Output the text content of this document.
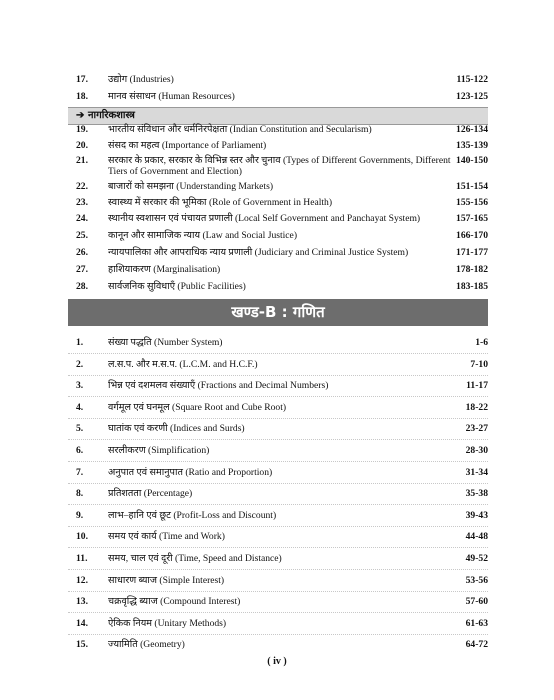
17. उद्योग (Industries)	115-122
18. मानव संसाधन (Human Resources)	123-125
➔ नागरिकशास्त्र
19. भारतीय संविधान और धर्मनिरपेक्षता (Indian Constitution and Secularism)	126-134
20. संसद का महत्व (Importance of Parliament)	135-139
21. सरकार के प्रकार, सरकार के विभिन्न स्तर और चुनाव (Types of Different Governments, Different Tiers of Government and Election)
140-150
22. बाजारों को समझना (Understanding Markets)	151-154
23. स्वास्थ्य में सरकार की भूमिका (Role of Government in Health)	155-156
24. स्थानीय स्वशासन एवं पंचायत प्रणाली (Local Self Government and Panchayat System)	157-165
25. कानून और सामाजिक न्याय (Law and Social Justice)	166-170
26. न्यायपालिका और आपराधिक न्याय प्रणाली (Judiciary and Criminal Justice System)	171-177
27. हाशियाकरण (Marginalisation)	178-182
28. सार्वजनिक सुविधाएँ (Public Facilities)	183-185
खण्ड-B : गणित
1.	संख्या पद्धति (Number System)	1-6
2.	ल.स.प. और म.स.प. (L.C.M. and H.C.F.)	7-10
3.	भिन्न एवं दशमलव संख्याएँ (Fractions and Decimal Numbers)	11-17
4.	वर्गमूल एवं घनमूल (Square Root and Cube Root)	18-22
5.	घातांक एवं करणी (Indices and Surds)	23-27
6.	सरलीकरण (Simplification)	28-30
7.	अनुपात एवं समानुपात (Ratio and Proportion)	31-34
8.	प्रतिशतता (Percentage)	35-38
9.	लाभ–हानि एवं छूट (Profit-Loss and Discount)	39-43
10. समय एवं कार्य (Time and Work)	44-48
11. समय, चाल एवं दूरी (Time, Speed and Distance)	49-52
12. साधारण ब्याज (Simple Interest)	53-56
13. चक्रवृद्धि ब्याज (Compound Interest)	57-60
14. ऐकिक नियम (Unitary Methods)	61-63
15. ज्यामिति (Geometry)	64-72
( iv )
